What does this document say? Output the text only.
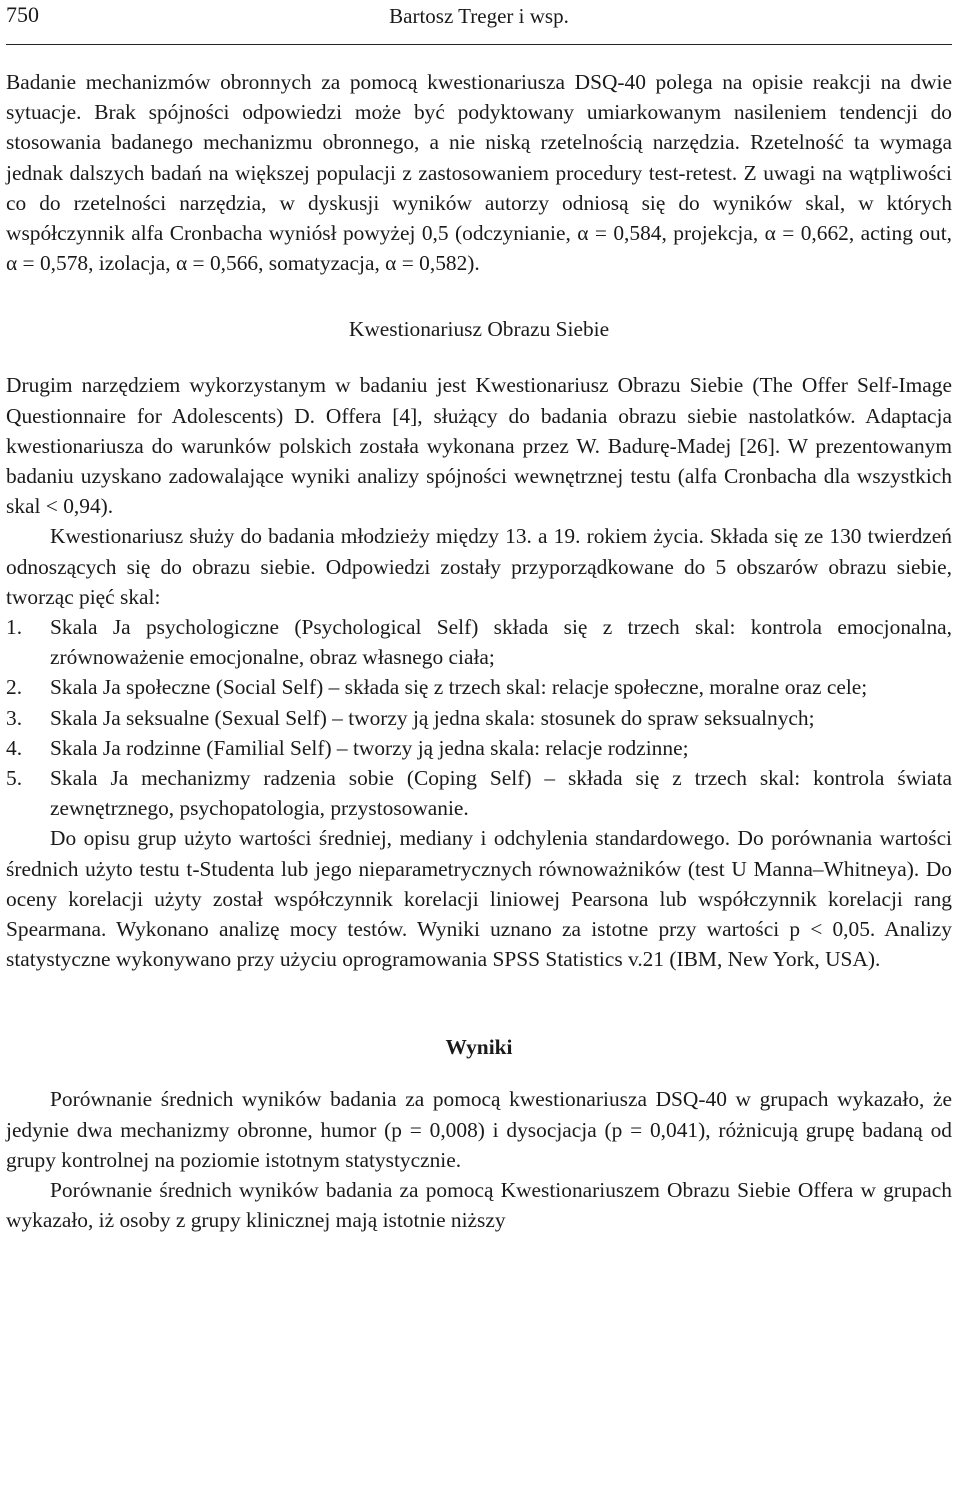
750	Bartosz Treger i wsp.

Badanie mechanizmów obronnych za pomocą kwestionariusza DSQ-40 polega na opisie reakcji na dwie sytuacje. Brak spójności odpowiedzi może być podyktowany umiarkowanym nasileniem tendencji do stosowania badanego mechanizmu obronnego, a nie niską rzetelnością narzędzia. Rzetelność ta wymaga jednak dalszych badań na większej populacji z zastosowaniem procedury test-retest. Z uwagi na wątpliwości co do rzetelności narzędzia, w dyskusji wyników autorzy odniosą się do wyników skal, w których współczynnik alfa Cronbacha wyniósł powyżej 0,5 (odczynianie, α = 0,584, projekcja, α = 0,662, acting out, α = 0,578, izolacja, α = 0,566, somatyzacja, α = 0,582).

Kwestionariusz Obrazu Siebie

Drugim narzędziem wykorzystanym w badaniu jest Kwestionariusz Obrazu Siebie (The Offer Self-Image Questionnaire for Adolescents) D. Offera [4], służący do badania obrazu siebie nastolatków. Adaptacja kwestionariusza do warunków polskich została wykonana przez W. Badurę-Madej [26]. W prezentowanym badaniu uzyskano zadowalające wyniki analizy spójności wewnętrznej testu (alfa Cronbacha dla wszystkich skal < 0,94).

Kwestionariusz służy do badania młodzieży między 13. a 19. rokiem życia. Składa się ze 130 twierdzeń odnoszących się do obrazu siebie. Odpowiedzi zostały przyporządkowane do 5 obszarów obrazu siebie, tworząc pięć skal:

1. Skala Ja psychologiczne (Psychological Self) składa się z trzech skal: kontrola emocjonalna, zrównoważenie emocjonalne, obraz własnego ciała;
2. Skala Ja społeczne (Social Self) – składa się z trzech skal: relacje społeczne, moralne oraz cele;
3. Skala Ja seksualne (Sexual Self) – tworzy ją jedna skala: stosunek do spraw seksualnych;
4. Skala Ja rodzinne (Familial Self) – tworzy ją jedna skala: relacje rodzinne;
5. Skala Ja mechanizmy radzenia sobie (Coping Self) – składa się z trzech skal: kontrola świata zewnętrznego, psychopatologia, przystosowanie.

Do opisu grup użyto wartości średniej, mediany i odchylenia standardowego. Do porównania wartości średnich użyto testu t-Studenta lub jego nieparametrycznych równoważników (test U Manna–Whitneya). Do oceny korelacji użyty został współczynnik korelacji liniowej Pearsona lub współczynnik korelacji rang Spearmana. Wykonano analizę mocy testów. Wyniki uznano za istotne przy wartości p < 0,05. Analizy statystyczne wykonywano przy użyciu oprogramowania SPSS Statistics v.21 (IBM, New York, USA).

Wyniki

Porównanie średnich wyników badania za pomocą kwestionariusza DSQ-40 w grupach wykazało, że jedynie dwa mechanizmy obronne, humor (p = 0,008) i dysocjacja (p = 0,041), różnicują grupę badaną od grupy kontrolnej na poziomie istotnym statystycznie.

Porównanie średnich wyników badania za pomocą Kwestionariuszem Obrazu Siebie Offera w grupach wykazało, iż osoby z grupy klinicznej mają istotnie niższy
